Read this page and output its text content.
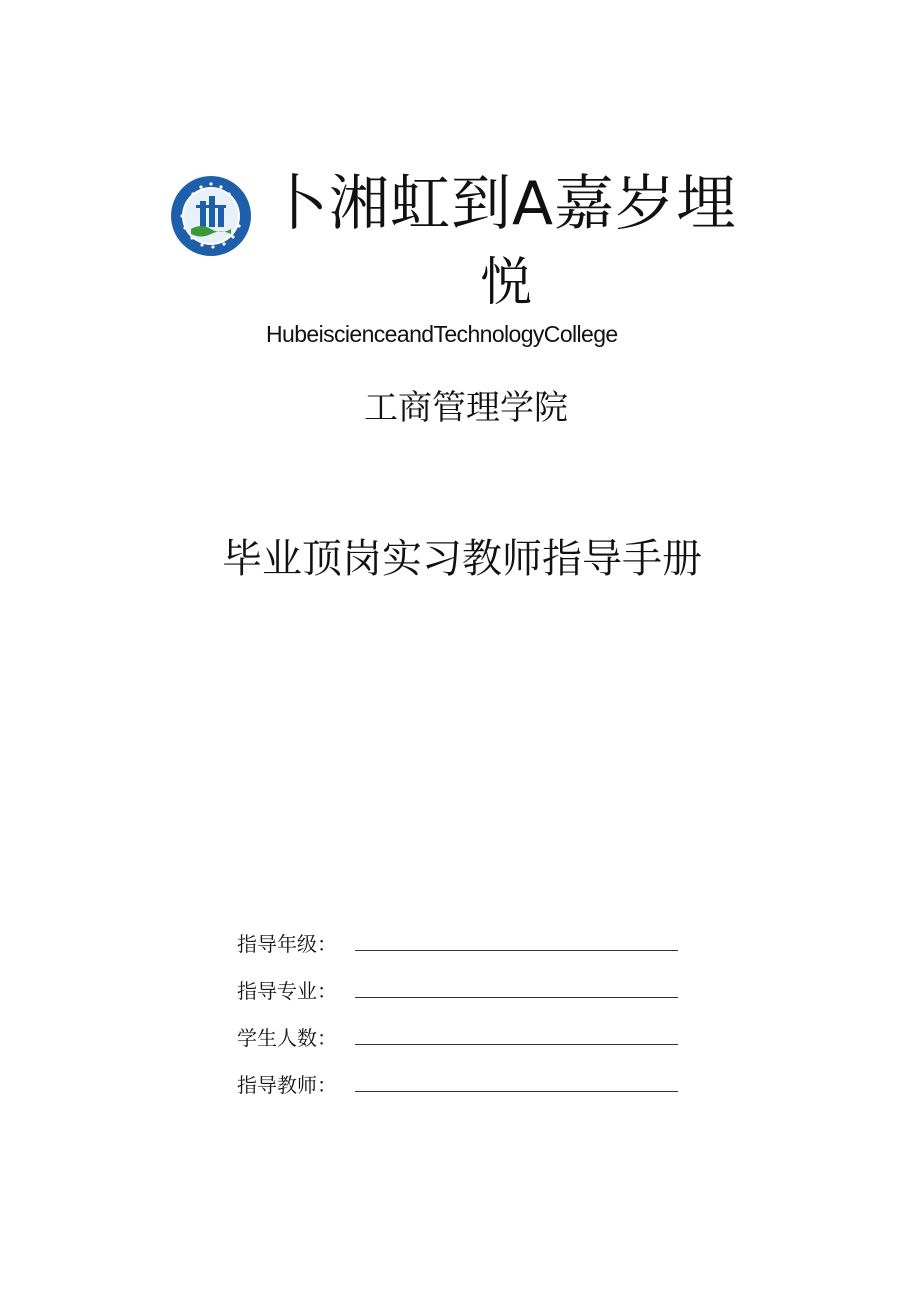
卜湘虹到A嘉岁埋
悦
HubeiscienceandTechnologyCollege
工商管理学院
毕业顶岗实习教师指导手册
指导年级：
指导专业：
学生人数：
指导教师：
